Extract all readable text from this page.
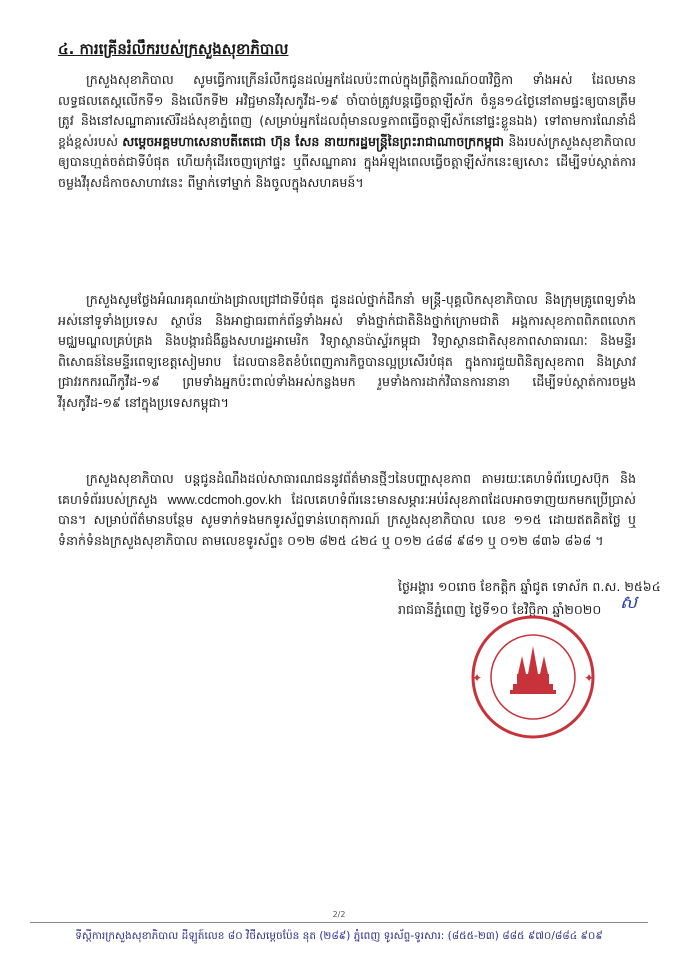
៤. ការគ្រើនរំលឹករបស់ក្រសួងសុខាភិបាល

ក្រសួងសុខាភិបាល សូមធ្វើការក្រើនរំលឹកជូនដល់អ្នកដែលប៉ះពាល់ក្នុងព្រឹត្តិការណ៍០៣វិច្ឆិកា ទាំងអស់ ដែលមានលទ្ធផលតេស្តលើកទី១ និងលើកទី២ អវិជ្ជមានវីរុសកូវីដ-១៩ ចាំបាច់ត្រូវបន្តធ្វើចត្តាឡីស័ក ចំនួន១៤ថ្ងៃនៅតាមផ្ទះឲ្យបានត្រឹមត្រូវ និងនៅសណ្ឋាគារស៊េរីដង់សុខាភ្នំពេញ (សម្រាប់អ្នកដែលពុំមានលទ្ធភាពធ្វើចត្តាឡីស័កនៅផ្ទះខ្លួនឯង) ទៅតាមការណែនាំដ៏ខ្ពង់ខ្ពស់របស់ សម្តេចអគ្គមហាសេនាបតីតេជោ ហ៊ុន សែន នាយករដ្ឋមន្ត្រីនៃព្រះរាជាណាចក្រកម្ពុជា និងរបស់ក្រសួងសុខាភិបាលឲ្យបានហ្មត់ចត់ជាទីបំផុត ហើយកុំដើរចេញក្រៅផ្ទះ ឬពីសណ្ឋាគារ ក្នុងអំឡុងពេលធ្វើចត្តាឡីស័កនេះឲ្យសោះ ដើម្បីទប់ស្កាត់ការចម្លងវីរុសដ៏កាចសាហាវនេះ ពីម្នាក់ទៅម្នាក់ និងចូលក្នុងសហគមន៍។

ក្រសួងសូមថ្លែងអំណរគុណយ៉ាងជ្រាលជ្រៅជាទីបំផុត ជូនដល់ថ្នាក់ដឹកនាំ មន្ត្រី-បុគ្គលិកសុខាភិបាល និងក្រុមគ្រូពេទ្យទាំងអស់នៅទូទាំងប្រទេស ស្ថាប័ន និងអាជ្ញាធរពាក់ព័ន្ធទាំងអស់ ទាំងថ្នាក់ជាតិនិងថ្នាក់ក្រោមជាតិ អង្គការសុខភាពពិភពលោក មជ្ឈមណ្ឌលគ្រប់គ្រង និងបង្ការជំងឺឆ្លងសហរដ្ឋអាមេរិក វិទ្យាស្ថានប៉ាស្ទ័រកម្ពុជា វិទ្យាស្ថានជាតិសុខភាពសាធារណៈ និងមន្ទីរពិសោធន៍នៃមន្ទីរពេទ្យខេត្តសៀមរាប ដែលបានខិតខំបំពេញភារកិច្ចបានល្អប្រសើរបំផុត ក្នុងការជួយពិនិត្យសុខភាព និងស្រាវជ្រាវរកករណីកូវីដ-១៩ ព្រមទាំងអ្នកប៉ះពាល់ទាំងអស់កន្លងមក រួមទាំងការដាក់វិធានការនានា ដើម្បីទប់ស្កាត់ការចម្លងវីរុសកូវីដ-១៩ នៅក្នុងប្រទេសកម្ពុជា។

ក្រសួងសុខាភិបាល បន្តជូនដំណឹងដល់សាធារណជននូវព័ត៌មានថ្មីៗនៃបញ្ហាសុខភាព តាមរយៈគេហទំព័រហ្វេសប៊ុក និងគេហទំព័ររបស់ក្រសួង www.cdcmoh.gov.kh ដែលគេហទំព័រនេះមានសម្ភារៈអប់រំសុខភាពដែលអាចទាញយកមកប្រើប្រាស់បាន។ សម្រាប់ព័ត៌មានបន្ថែម សូមទាក់ទងមកទូរស័ព្ទទាន់ហេតុការណ៍ ក្រសួងសុខាភិបាល លេខ ១១៥ ដោយឥតគិតថ្លៃ ឬទំនាក់ទំនងក្រសួងសុខាភិបាល តាមលេខទូរស័ព្ទ៖ ០១២ ៨២៥ ៤២៤ ឬ ០១២ ៤៨៨ ៩៨១ ឬ ០១២ ៨៣៦ ៨៦៨ ។

ថ្ងៃអង្គារ ១០រោច ខែកត្តិក ឆ្នាំជូត ទោស័ក ព.ស. ២៥៦៤
រាជធានីភ្នំពេញ ថ្ងៃទី១០ ខែវិច្ឆិកា ឆ្នាំ២០២០ ស
✦	✦
2/2
ទីស្តីការក្រសួងសុខាភិបាល ដីឡូត៍លេខ ៨០ វិថីសម្តេចប៉ែន នុត (២៨៩) ភ្នំពេញ ទូរស័ព្ទ-ទូរសារ: (៨៥៥-២៣) ៨៨៥ ៩៧០/៨៨៤ ៩០៩
